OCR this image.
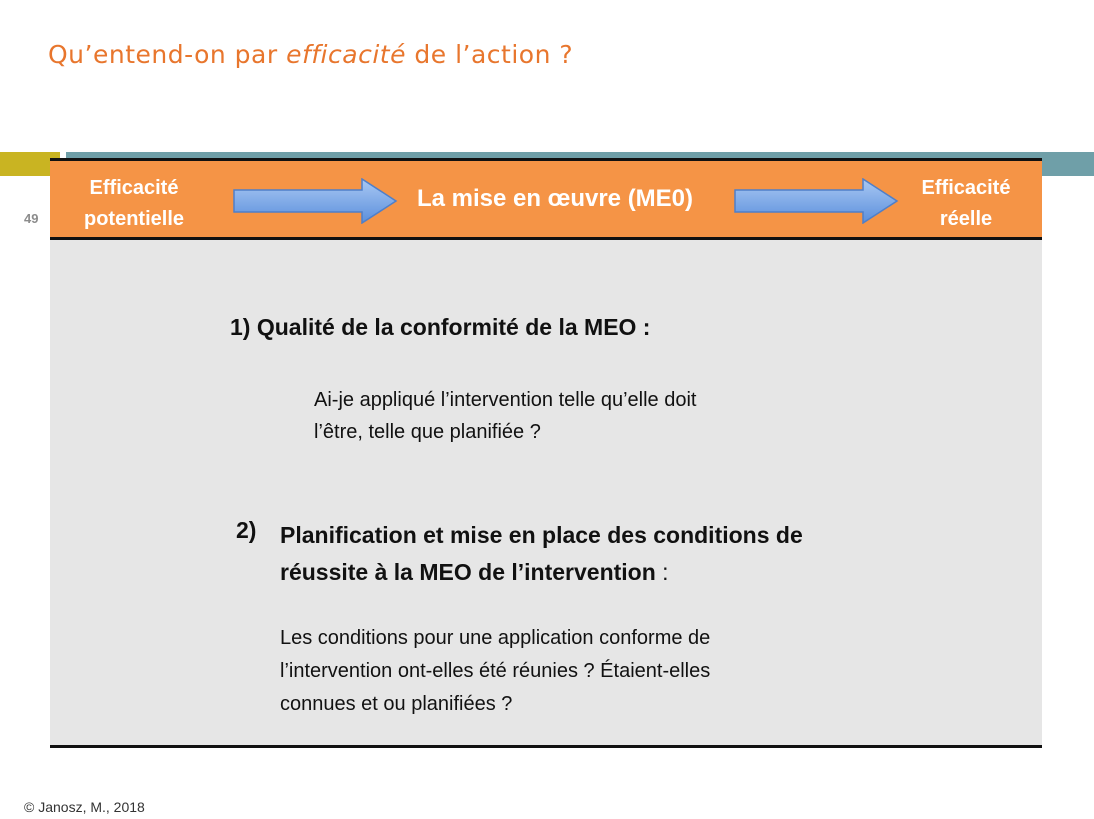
Qu’entend-on par efficacité de l’action ?
49
Efficacité
potentielle
La mise en œuvre (ME0)	Efficacité
réelle
1) Qualité de la conformité de la MEO :
Ai-je appliqué l’intervention telle qu’elle doit
l’être, telle que planifiée ?
2) Planification et mise en place des conditions de
réussite à la MEO de l’intervention :
Les conditions pour une application conforme de
l’intervention ont-elles été réunies ? Étaient-elles
connues et ou planifiées ?
© Janosz, M., 2018
